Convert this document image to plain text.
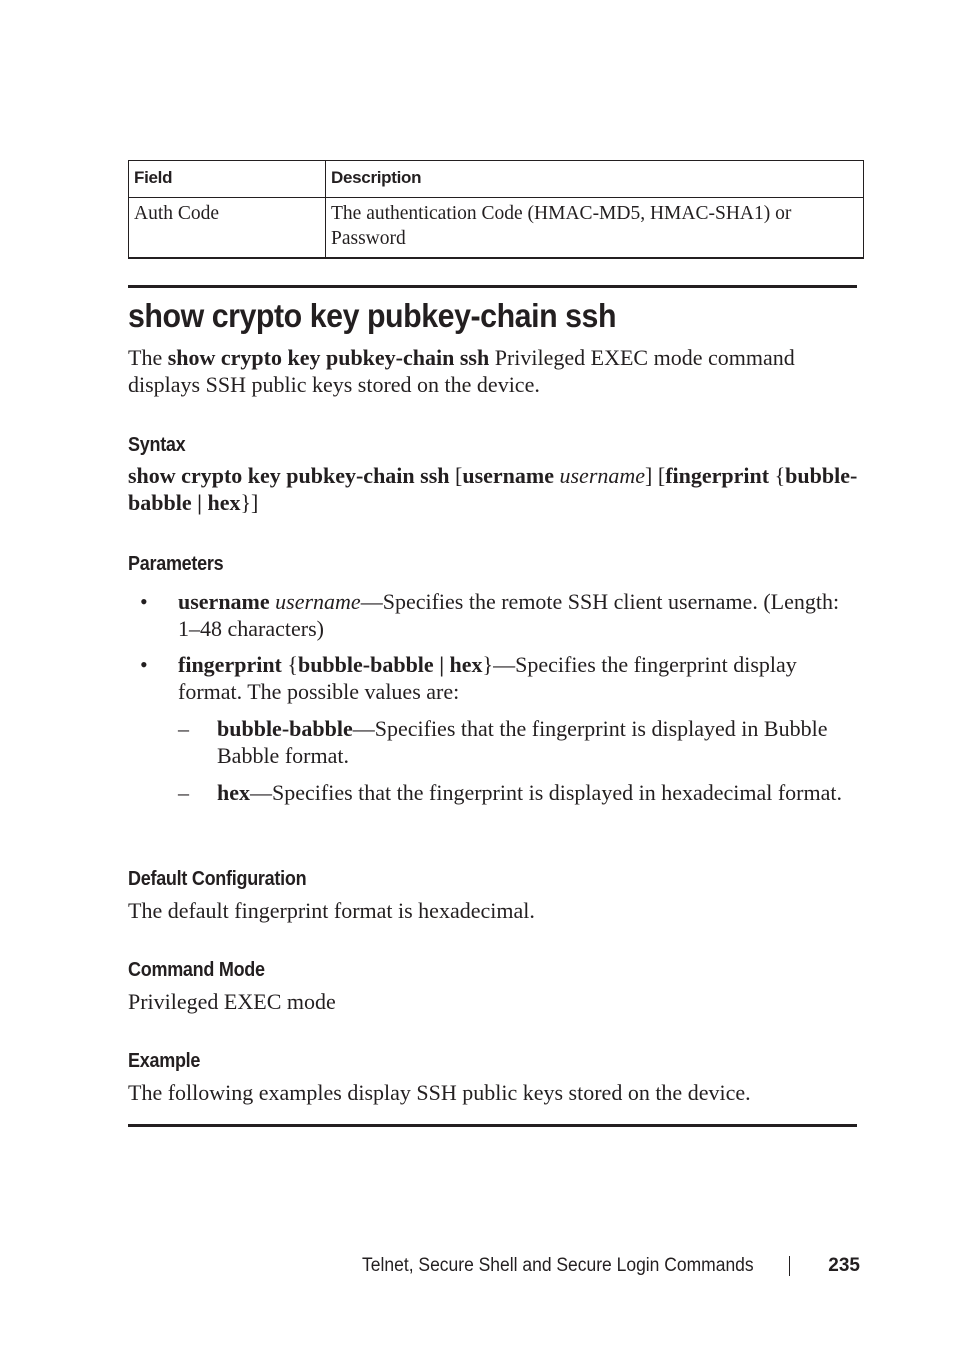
Field	Description
Auth Code	The authentication Code (HMAC-MD5, HMAC-SHA1) or Password
show crypto key pubkey-chain ssh

The show crypto key pubkey-chain ssh Privileged EXEC mode command displays SSH public keys stored on the device.

Syntax

show crypto key pubkey-chain ssh [username username] [fingerprint {bubble-babble | hex}]

Parameters
• username username—Specifies the remote SSH client username. (Length: 1–48 characters)
• fingerprint {bubble-babble | hex}—Specifies the fingerprint display format. The possible values are:
– bubble-babble—Specifies that the fingerprint is displayed in Bubble Babble format.
– hex—Specifies that the fingerprint is displayed in hexadecimal format.
Default Configuration

The default fingerprint format is hexadecimal.

Command Mode

Privileged EXEC mode

Example

The following examples display SSH public keys stored on the device.

Telnet, Secure Shell and Secure Login Commands	235
